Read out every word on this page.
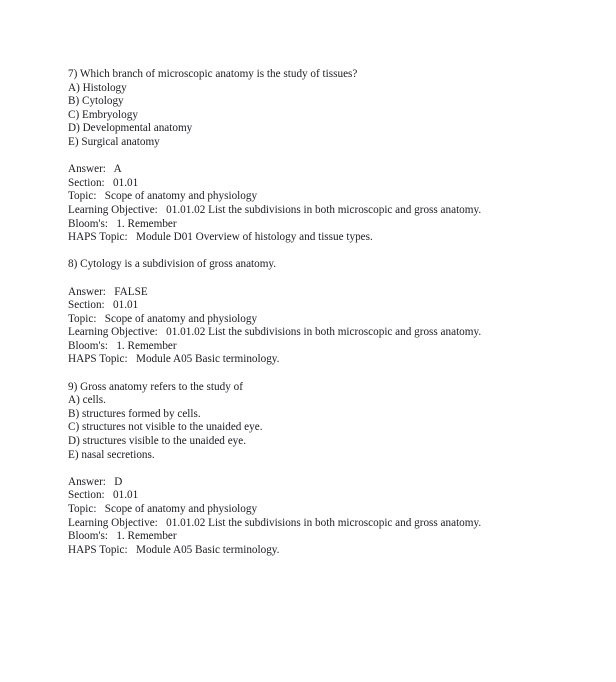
7) Which branch of microscopic anatomy is the study of tissues?
A) Histology
B) Cytology
C) Embryology
D) Developmental anatomy
E) Surgical anatomy
Answer:   A
Section:   01.01
Topic:   Scope of anatomy and physiology
Learning Objective:   01.01.02 List the subdivisions in both microscopic and gross anatomy.
Bloom's:   1. Remember
HAPS Topic:   Module D01 Overview of histology and tissue types.
8) Cytology is a subdivision of gross anatomy.
Answer:   FALSE
Section:   01.01
Topic:   Scope of anatomy and physiology
Learning Objective:   01.01.02 List the subdivisions in both microscopic and gross anatomy.
Bloom's:   1. Remember
HAPS Topic:   Module A05 Basic terminology.
9) Gross anatomy refers to the study of
A) cells.
B) structures formed by cells.
C) structures not visible to the unaided eye.
D) structures visible to the unaided eye.
E) nasal secretions.
Answer:   D
Section:   01.01
Topic:   Scope of anatomy and physiology
Learning Objective:   01.01.02 List the subdivisions in both microscopic and gross anatomy.
Bloom's:   1. Remember
HAPS Topic:   Module A05 Basic terminology.
